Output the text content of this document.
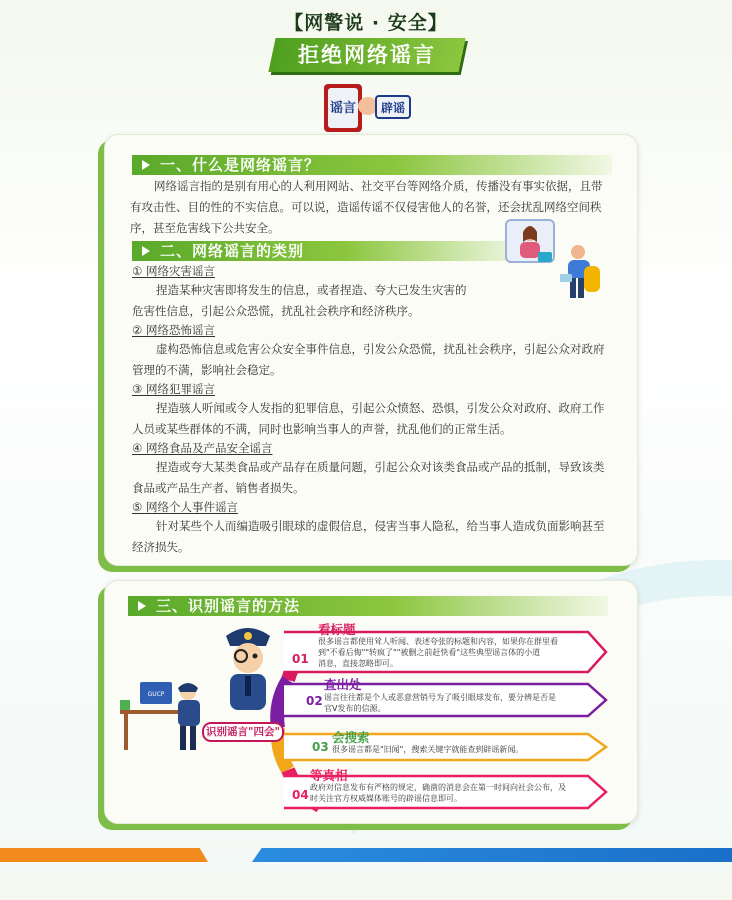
【网警说 · 安全】
拒绝网络谣言
谣言 辟谣
一、什么是网络谣言？
网络谣言指的是别有用心的人利用网站、社交平台等网络介质，传播没有事实依据，且带
有攻击性、目的性的不实信息。可以说，造谣传谣不仅侵害他人的名誉，还会扰乱网络空间秩
序，甚至危害线下公共安全。
二、网络谣言的类别
① 网络灾害谣言
捏造某种灾害即将发生的信息，或者捏造、夸大已发生灾害的
危害性信息，引起公众恐慌，扰乱社会秩序和经济秩序。
② 网络恐怖谣言
虚构恐怖信息或危害公众安全事件信息，引发公众恐慌，扰乱社会秩序，引起公众对政府
管理的不满，影响社会稳定。
③ 网络犯罪谣言
捏造骇人听闻或令人发指的犯罪信息，引起公众愤怒、恐惧，引发公众对政府、政府工作
人员或某些群体的不满，同时也影响当事人的声誉，扰乱他们的正常生活。
④ 网络食品及产品安全谣言
捏造或夸大某类食品或产品存在质量问题，引起公众对该类食品或产品的抵制，导致该类
食品或产品生产者、销售者损失。
⑤ 网络个人事件谣言
针对某些个人而编造吸引眼球的虚假信息，侵害当事人隐私，给当事人造成负面影响甚至
经济损失。
三、识别谣言的方法
GUCP
识别谣言"四会"
01
看标题
很多谣言都使用耸人听闻、表述夸张的标题和内容，如果你在群里看
到"不看后悔""转疯了""被删之前赶快看"这些典型谣言体的小道
消息，直接忽略即可。
02
查出处
谣言往往都是个人或恶意营销号为了吸引眼球发布，要分辨是否是
官V发布的信源。
03
会搜索
很多谣言都是"旧闻"，搜索关键字就能查到辟谣新闻。
04
等真相
政府对信息发布有严格的规定，确凿的消息会在第一时间向社会公布，及
时关注官方权威媒体账号的辟谣信息即可。
